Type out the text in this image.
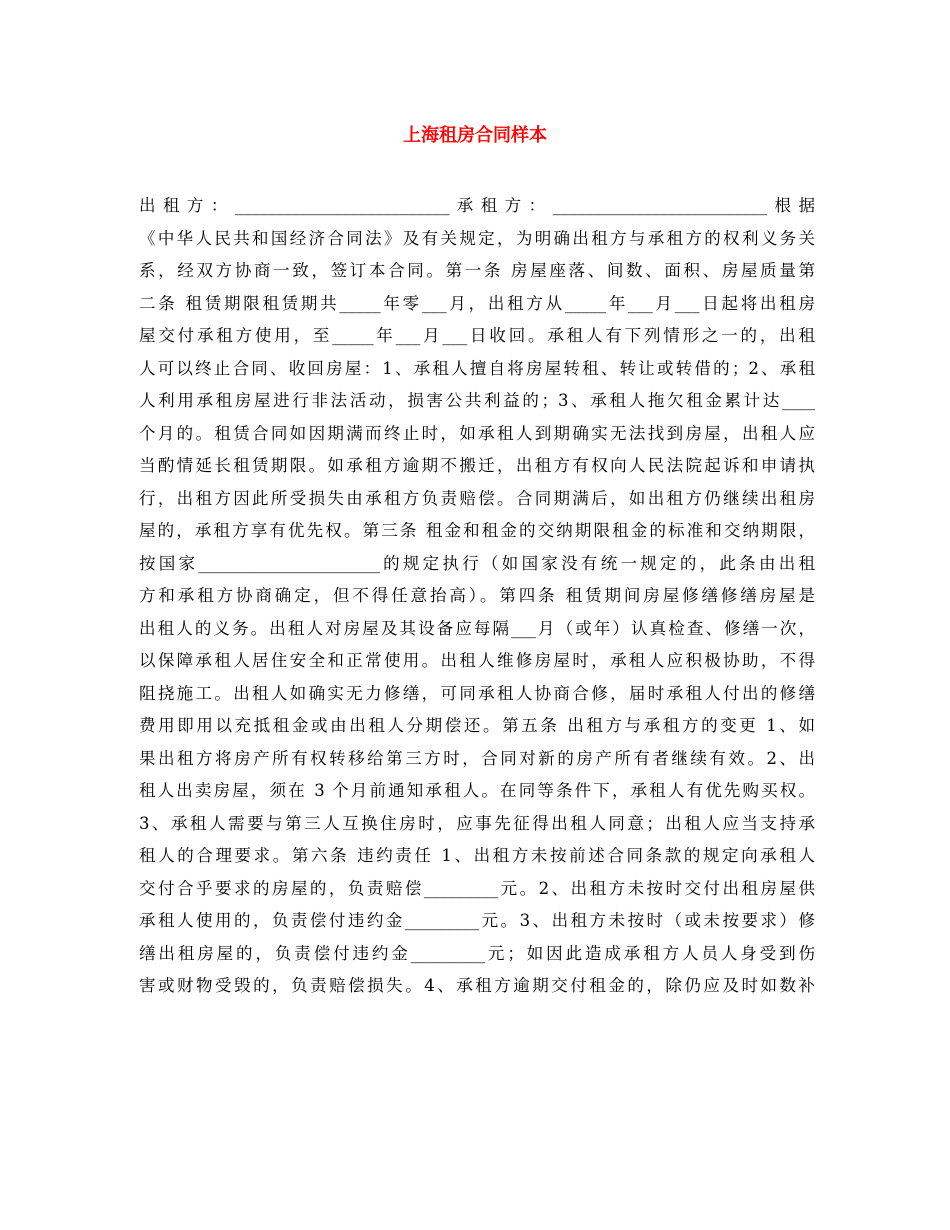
上海租房合同样本
出租方：__________________________承租方：__________________________根据
《中华人民共和国经济合同法》及有关规定，为明确出租方与承租方的权利义务关
系，经双方协商一致，签订本合同。第一条 房屋座落、间数、面积、房屋质量第
二条 租赁期限租赁期共_____年零___月，出租方从_____年___月___日起将出租房
屋交付承租方使用，至_____年___月___日收回。承租人有下列情形之一的，出租
人可以终止合同、收回房屋：1、承租人擅自将房屋转租、转让或转借的；2、承租
人利用承租房屋进行非法活动，损害公共利益的；3、承租人拖欠租金累计达____
个月的。租赁合同如因期满而终止时，如承租人到期确实无法找到房屋，出租人应
当酌情延长租赁期限。如承租方逾期不搬迁，出租方有权向人民法院起诉和申请执
行，出租方因此所受损失由承租方负责赔偿。合同期满后，如出租方仍继续出租房
屋的，承租方享有优先权。第三条 租金和租金的交纳期限租金的标准和交纳期限，
按国家______________________的规定执行（如国家没有统一规定的，此条由出租
方和承租方协商确定，但不得任意抬高）。第四条 租赁期间房屋修缮修缮房屋是
出租人的义务。出租人对房屋及其设备应每隔___月（或年）认真检查、修缮一次，
以保障承租人居住安全和正常使用。出租人维修房屋时，承租人应积极协助，不得
阻挠施工。出租人如确实无力修缮，可同承租人协商合修，届时承租人付出的修缮
费用即用以充抵租金或由出租人分期偿还。第五条 出租方与承租方的变更 1、如
果出租方将房产所有权转移给第三方时，合同对新的房产所有者继续有效。2、出
租人出卖房屋，须在 3 个月前通知承租人。在同等条件下，承租人有优先购买权。
3、承租人需要与第三人互换住房时，应事先征得出租人同意；出租人应当支持承
租人的合理要求。第六条 违约责任 1、出租方未按前述合同条款的规定向承租人
交付合乎要求的房屋的，负责赔偿_________元。2、出租方未按时交付出租房屋供
承租人使用的，负责偿付违约金_________元。3、出租方未按时（或未按要求）修
缮出租房屋的，负责偿付违约金_________元；如因此造成承租方人员人身受到伤
害或财物受毁的，负责赔偿损失。4、承租方逾期交付租金的，除仍应及时如数补
